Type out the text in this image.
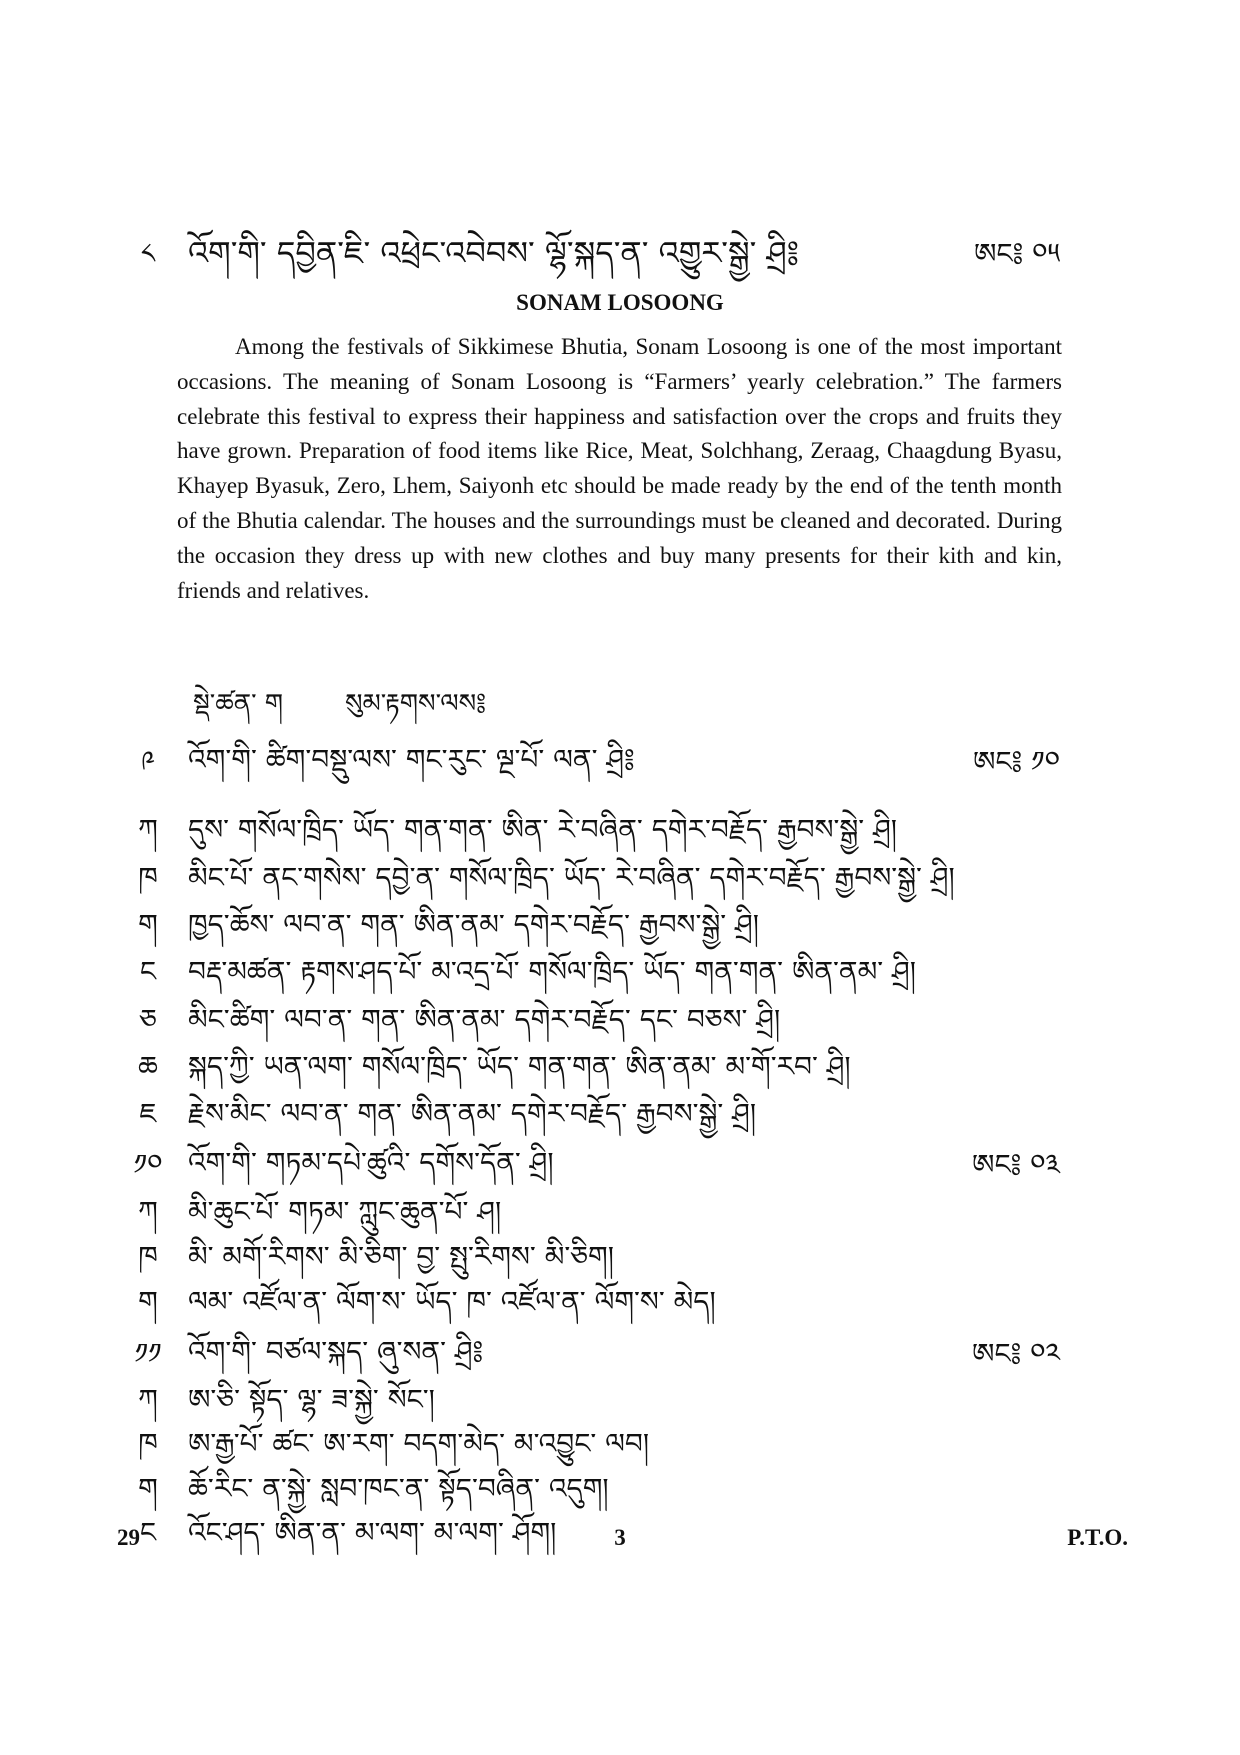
༨	འོག་གི་ དབྱིན་ཇི་ འཕྲེང་འབེབས་ ལྷོ་སྐད་ན་ འགྱུར་སྒྱེ་ ཤྲི༔	ཨང༔ ༠༥
SONAM LOSOONG

Among the festivals of Sikkimese Bhutia, Sonam Losoong is one of the most important occasions. The meaning of Sonam Losoong is “Farmers’ yearly celebration.” The farmers celebrate this festival to express their happiness and satisfaction over the crops and fruits they have grown. Preparation of food items like Rice, Meat, Solchhang, Zeraag, Chaagdung Byasu, Khayep Byasuk, Zero, Lhem, Saiyonh etc should be made ready by the end of the tenth month of the Bhutia calendar. The houses and the surroundings must be cleaned and decorated. During the occasion they dress up with new clothes and buy many presents for their kith and kin, friends and relatives.

སྡེ་ཚན་ ག སུམ་རྟགས་ལས༔
༩	འོག་གི་ ཚིག་བསྡུ་ལས་ གང་རུང་ ལྔ་པོ་ ལན་ ཤྲི༔	ཨང༔ ༡༠
ཀ	དུས་ གསོལ་ཁྲིད་ ཡོད་ གན་གན་ ཨིན་ རེ་བཞིན་ དགེར་བརྗོད་ རྒྱབས་སྒྱེ་ ཤྲི།
ཁ	མིང་པོ་ ནང་གསེས་ དབྱེ་ན་ གསོལ་ཁྲིད་ ཡོད་ རེ་བཞིན་ དགེར་བརྗོད་ རྒྱབས་སྒྱེ་ ཤྲི།
ག	ཁྱད་ཆོས་ ལབ་ན་ གན་ ཨིན་ནམ་ དགེར་བརྗོད་ རྒྱབས་སྒྱེ་ ཤྲི།
ང	བརྡ་མཚན་ རྟགས་ཤད་པོ་ མ་འདྲ་པོ་ གསོལ་ཁྲིད་ ཡོད་ གན་གན་ ཨིན་ནམ་ ཤྲི།
ཅ	མིང་ཚིག་ ལབ་ན་ གན་ ཨིན་ནམ་ དགེར་བརྗོད་ དང་ བཅས་ ཤྲི།
ཆ	སྐད་ཀྱི་ ཡན་ལག་ གསོལ་ཁྲིད་ ཡོད་ གན་གན་ ཨིན་ནམ་ མ་གོ་རབ་ ཤྲི།
ཇ	རྗེས་མིང་ ལབ་ན་ གན་ ཨིན་ནམ་ དགེར་བརྗོད་ རྒྱབས་སྒྱེ་ ཤྲི།
༡༠ འོག་གི་ གཏམ་དཔེ་ཚུའི་ དགོས་དོན་ ཤྲི།	ཨང༔ ༠༣
ཀ	མི་ཆུང་པོ་ གཏམ་ ཀླུང་ཆུན་པོ་ ཤ།
ཁ	མི་ མགོ་རིགས་ མི་ཅིག་ བྱ་ སྤུ་རིགས་ མི་ཅིག།
ག	ལམ་ འཛོལ་ན་ ལོག་ས་ ཡོད་ ཁ་ འཛོལ་ན་ ལོག་ས་ མེད།
༡༡ འོག་གི་ བཙལ་སྐད་ ཞུ་སན་ ཤྲི༔	ཨང༔ ༠༢
ཀ	ཨ་ཅི་ སྟོད་ ལྷ་ ཟ་སྐྱེ་ སོང་།
ཁ	ཨ་རྒྱ་པོ་ ཚང་ ཨ་རག་ བདག་མེད་ མ་འབྱུང་ ལབ།
ག	ཆོ་རིང་ ན་སྐྱེ་ སླབ་ཁང་ན་ སྟོད་བཞིན་ འདུག།
ང	འོང་ཤད་ ཨིན་ན་ མ་ལག་ མ་ལག་ ཤོག།
29	3	P.T.O.
